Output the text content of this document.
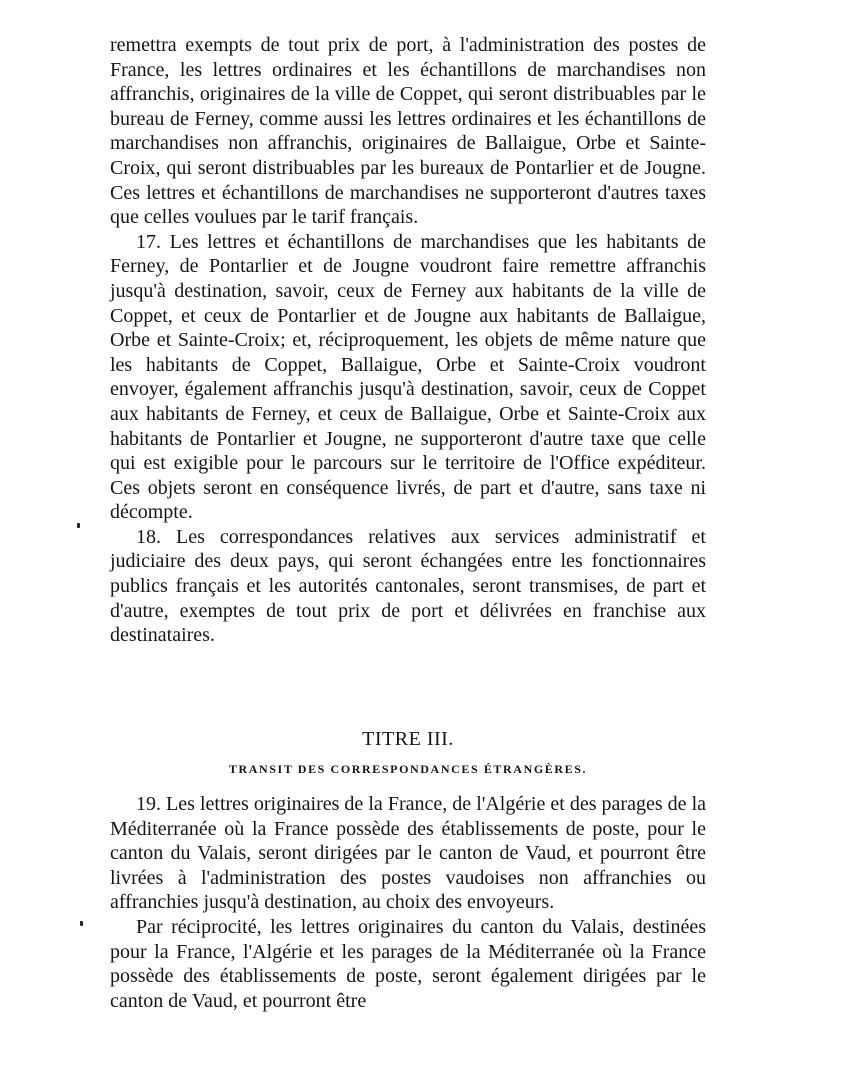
remettra exempts de tout prix de port, à l'administration des postes de France, les lettres ordinaires et les échantillons de marchandises non affranchis, originaires de la ville de Coppet, qui seront distribuables par le bureau de Ferney, comme aussi les lettres ordinaires et les échantillons de marchandises non affranchis, originaires de Ballaigue, Orbe et Sainte-Croix, qui seront distribuables par les bureaux de Pontarlier et de Jougne. Ces lettres et échantillons de marchandises ne supporteront d'autres taxes que celles voulues par le tarif français.

17. Les lettres et échantillons de marchandises que les habitants de Ferney, de Pontarlier et de Jougne voudront faire remettre affranchis jusqu'à destination, savoir, ceux de Ferney aux habitants de la ville de Coppet, et ceux de Pontarlier et de Jougne aux habitants de Ballaigue, Orbe et Sainte-Croix; et, réciproquement, les objets de même nature que les habitants de Coppet, Ballaigue, Orbe et Sainte-Croix voudront envoyer, également affranchis jusqu'à destination, savoir, ceux de Coppet aux habitants de Ferney, et ceux de Ballaigue, Orbe et Sainte-Croix aux habitants de Pontarlier et Jougne, ne supporteront d'autre taxe que celle qui est exigible pour le parcours sur le territoire de l'Office expéditeur. Ces objets seront en conséquence livrés, de part et d'autre, sans taxe ni décompte.

18. Les correspondances relatives aux services administratif et judiciaire des deux pays, qui seront échangées entre les fonctionnaires publics français et les autorités cantonales, seront transmises, de part et d'autre, exemptes de tout prix de port et délivrées en franchise aux destinataires.

TITRE III.

TRANSIT DES CORRESPONDANCES ÉTRANGÈRES.

19. Les lettres originaires de la France, de l'Algérie et des parages de la Méditerranée où la France possède des établissements de poste, pour le canton du Valais, seront dirigées par le canton de Vaud, et pourront être livrées à l'administration des postes vaudoises non affranchies ou affranchies jusqu'à destination, au choix des envoyeurs.

Par réciprocité, les lettres originaires du canton du Valais, destinées pour la France, l'Algérie et les parages de la Méditerranée où la France possède des établissements de poste, seront également dirigées par le canton de Vaud, et pourront être
